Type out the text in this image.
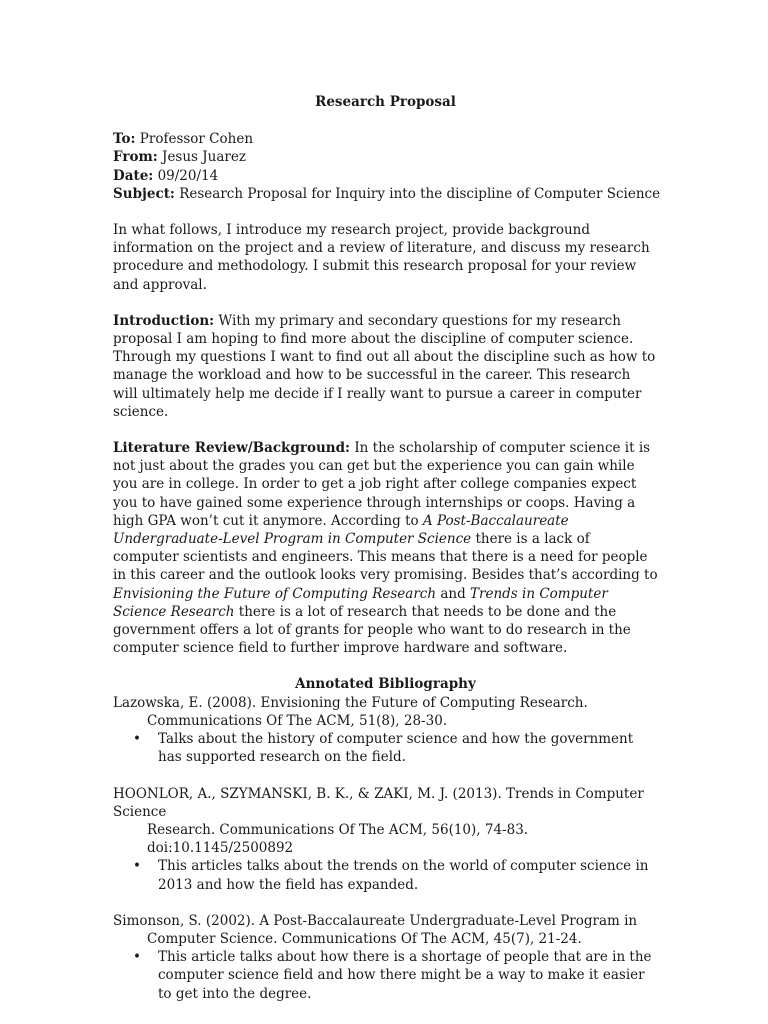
Research Proposal
To: Professor Cohen
From: Jesus Juarez
Date: 09/20/14
Subject: Research Proposal for Inquiry into the discipline of Computer Science

In what follows, I introduce my research project, provide background information on the project and a review of literature, and discuss my research procedure and methodology. I submit this research proposal for your review and approval.

Introduction: With my primary and secondary questions for my research proposal I am hoping to find more about the discipline of computer science. Through my questions I want to find out all about the discipline such as how to manage the workload and how to be successful in the career. This research will ultimately help me decide if I really want to pursue a career in computer science.

Literature Review/Background: In the scholarship of computer science it is not just about the grades you can get but the experience you can gain while you are in college. In order to get a job right after college companies expect you to have gained some experience through internships or coops. Having a high GPA won’t cut it anymore. According to A Post-Baccalaureate Undergraduate-Level Program in Computer Science there is a lack of computer scientists and engineers. This means that there is a need for people in this career and the outlook looks very promising. Besides that’s according to Envisioning the Future of Computing Research and Trends in Computer Science Research there is a lot of research that needs to be done and the government offers a lot of grants for people who want to do research in the computer science field to further improve hardware and software.

Annotated Bibliography
Lazowska, E. (2008). Envisioning the Future of Computing Research.
Communications Of The ACM, 51(8), 28-30.
• Talks about the history of computer science and how the government has supported research on the field.
HOONLOR, A., SZYMANSKI, B. K., & ZAKI, M. J. (2013). Trends in Computer Science
Research. Communications Of The ACM, 56(10), 74-83. doi:10.1145/2500892
• This articles talks about the trends on the world of computer science in 2013 and how the field has expanded.
Simonson, S. (2002). A Post-Baccalaureate Undergraduate-Level Program in
Computer Science. Communications Of The ACM, 45(7), 21-24.
• This article talks about how there is a shortage of people that are in the computer science field and how there might be a way to make it easier to get into the degree.
